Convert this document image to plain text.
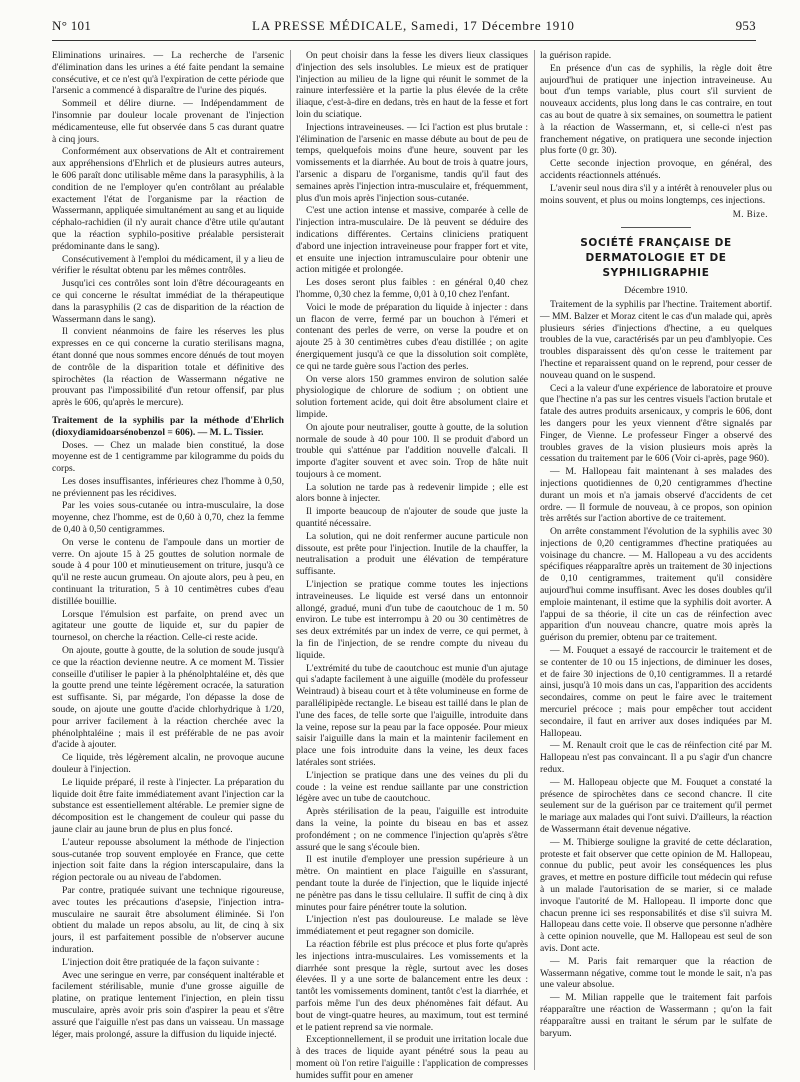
N° 101	LA PRESSE MÉDICALE, Samedi, 17 Décembre 1910	953

Eliminations urinaires. — La recherche de l'arsenic d'élimination dans les urines a été faite pendant la semaine consécutive, et ce n'est qu'à l'expiration de cette période que l'arsenic a commencé à disparaître de l'urine des piqués.

Sommeil et délire diurne. — Indépendamment de l'insomnie par douleur locale provenant de l'injection médicamenteuse, elle fut observée dans 5 cas durant quatre à cinq jours.

Conformément aux observations de Alt et contrairement aux appréhensions d'Ehrlich et de plusieurs autres auteurs, le 606 paraît donc utilisable même dans la parasyphilis, à la condition de ne l'employer qu'en contrôlant au préalable exactement l'état de l'organisme par la réaction de Wassermann, appliquée simultanément au sang et au liquide céphalo-rachidien (il n'y aurait chance d'être utile qu'autant que la réaction syphilo-positive préalable persisterait prédominante dans le sang).

Consécutivement à l'emploi du médicament, il y a lieu de vérifier le résultat obtenu par les mêmes contrôles.

Jusqu'ici ces contrôles sont loin d'être décourageants en ce qui concerne le résultat immédiat de la thérapeutique dans la parasyphilis (2 cas de disparition de la réaction de Wassermann dans le sang).

Il convient néanmoins de faire les réserves les plus expresses en ce qui concerne la curatio sterilisans magna, étant donné que nous sommes encore dénués de tout moyen de contrôle de la disparition totale et définitive des spirochètes (la réaction de Wassermann négative ne prouvant pas l'impossibilité d'un retour offensif, par plus après le 606, qu'après le mercure).

Traitement de la syphilis par la méthode d'Ehrlich (dioxydiamidoarsénobenzol = 606). — M. L. Tissier.

Doses. — Chez un malade bien constitué, la dose moyenne est de 1 centigramme par kilogramme du poids du corps.

Les doses insuffisantes, inférieures chez l'homme à 0,50, ne préviennent pas les récidives.

Par les voies sous-cutanée ou intra-musculaire, la dose moyenne, chez l'homme, est de 0,60 à 0,70, chez la femme de 0,40 à 0,50 centigrammes.

On verse le contenu de l'ampoule dans un mortier de verre. On ajoute 15 à 25 gouttes de solution normale de soude à 4 pour 100 et minutieusement on triture, jusqu'à ce qu'il ne reste aucun grumeau. On ajoute alors, peu à peu, en continuant la trituration, 5 à 10 centimètres cubes d'eau distillée bouillie.

Lorsque l'émulsion est parfaite, on prend avec un agitateur une goutte de liquide et, sur du papier de tournesol, on cherche la réaction. Celle-ci reste acide.

On ajoute, goutte à goutte, de la solution de soude jusqu'à ce que la réaction devienne neutre. A ce moment M. Tissier conseille d'utiliser le papier à la phénolphtaléine et, dès que la goutte prend une teinte légèrement ocracée, la saturation est suffisante. Si, par mégarde, l'on dépasse la dose de soude, on ajoute une goutte d'acide chlorhydrique à 1/20, pour arriver facilement à la réaction cherchée avec la phénolphtaléine ; mais il est préférable de ne pas avoir d'acide à ajouter.

Ce liquide, très légèrement alcalin, ne provoque aucune douleur à l'injection.

Le liquide préparé, il reste à l'injecter. La préparation du liquide doit être faite immédiatement avant l'injection car la substance est essentiellement altérable. Le premier signe de décomposition est le changement de couleur qui passe du jaune clair au jaune brun de plus en plus foncé.

L'auteur repousse absolument la méthode de l'injection sous-cutanée trop souvent employée en France, que cette injection soit faite dans la région interscapulaire, dans la région pectorale ou au niveau de l'abdomen.

Par contre, pratiquée suivant une technique rigoureuse, avec toutes les précautions d'asepsie, l'injection intra-musculaire ne saurait être absolument éliminée. Si l'on obtient du malade un repos absolu, au lit, de cinq à six jours, il est parfaitement possible de n'observer aucune induration.

L'injection doit être pratiquée de la façon suivante :

Avec une seringue en verre, par conséquent inaltérable et facilement stérilisable, munie d'une grosse aiguille de platine, on pratique lentement l'injection, en plein tissu musculaire, après avoir pris soin d'aspirer la peau et s'être assuré que l'aiguille n'est pas dans un vaisseau. Un massage léger, mais prolongé, assure la diffusion du liquide injecté.

On peut choisir dans la fesse les divers lieux classiques d'injection des sels insolubles. Le mieux est de pratiquer l'injection au milieu de la ligne qui réunit le sommet de la rainure interfessière et la partie la plus élevée de la crête iliaque, c'est-à-dire en dedans, très en haut de la fesse et fort loin du sciatique.

Injections intraveineuses. — Ici l'action est plus brutale : l'élimination de l'arsenic en masse débute au bout de peu de temps, quelquefois moins d'une heure, souvent par les vomissements et la diarrhée. Au bout de trois à quatre jours, l'arsenic a disparu de l'organisme, tandis qu'il faut des semaines après l'injection intra-musculaire et, fréquemment, plus d'un mois après l'injection sous-cutanée.

C'est une action intense et massive, comparée à celle de l'injection intra-musculaire. De là peuvent se déduire des indications différentes. Certains cliniciens pratiquent d'abord une injection intraveineuse pour frapper fort et vite, et ensuite une injection intramusculaire pour obtenir une action mitigée et prolongée.

Les doses seront plus faibles : en général 0,40 chez l'homme, 0,30 chez la femme, 0,01 à 0,10 chez l'enfant.

Voici le mode de préparation du liquide à injecter : dans un flacon de verre, fermé par un bouchon à l'émeri et contenant des perles de verre, on verse la poudre et on ajoute 25 à 30 centimètres cubes d'eau distillée ; on agite énergiquement jusqu'à ce que la dissolution soit complète, ce qui ne tarde guère sous l'action des perles.

On verse alors 150 grammes environ de solution salée physiologique de chlorure de sodium ; on obtient une solution fortement acide, qui doit être absolument claire et limpide.

On ajoute pour neutraliser, goutte à goutte, de la solution normale de soude à 40 pour 100. Il se produit d'abord un trouble qui s'atténue par l'addition nouvelle d'alcali. Il importe d'agiter souvent et avec soin. Trop de hâte nuit toujours à ce moment.

La solution ne tarde pas à redevenir limpide ; elle est alors bonne à injecter.

Il importe beaucoup de n'ajouter de soude que juste la quantité nécessaire.

La solution, qui ne doit renfermer aucune particule non dissoute, est prête pour l'injection. Inutile de la chauffer, la neutralisation a produit une élévation de température suffisante.

L'injection se pratique comme toutes les injections intraveineuses. Le liquide est versé dans un entonnoir allongé, gradué, muni d'un tube de caoutchouc de 1 m. 50 environ. Le tube est interrompu à 20 ou 30 centimètres de ses deux extrémités par un index de verre, ce qui permet, à la fin de l'injection, de se rendre compte du niveau du liquide.

L'extrémité du tube de caoutchouc est munie d'un ajutage qui s'adapte facilement à une aiguille (modèle du professeur Weintraud) à biseau court et à tête volumineuse en forme de parallélipipède rectangle. Le biseau est taillé dans le plan de l'une des faces, de telle sorte que l'aiguille, introduite dans la veine, repose sur la peau par la face opposée. Pour mieux saisir l'aiguille dans la main et la maintenir facilement en place une fois introduite dans la veine, les deux faces latérales sont striées.

L'injection se pratique dans une des veines du pli du coude : la veine est rendue saillante par une constriction légère avec un tube de caoutchouc.

Après stérilisation de la peau, l'aiguille est introduite dans la veine, la pointe du biseau en bas et assez profondément ; on ne commence l'injection qu'après s'être assuré que le sang s'écoule bien.

Il est inutile d'employer une pression supérieure à un mètre. On maintient en place l'aiguille en s'assurant, pendant toute la durée de l'injection, que le liquide injecté ne pénètre pas dans le tissu cellulaire. Il suffit de cinq à dix minutes pour faire pénétrer toute la solution.

L'injection n'est pas douloureuse. Le malade se lève immédiatement et peut regagner son domicile.

La réaction fébrile est plus précoce et plus forte qu'après les injections intra-musculaires. Les vomissements et la diarrhée sont presque la règle, surtout avec les doses élevées. Il y a une sorte de balancement entre les deux : tantôt les vomissements dominent, tantôt c'est la diarrhée, et parfois même l'un des deux phénomènes fait défaut. Au bout de vingt-quatre heures, au maximum, tout est terminé et le patient reprend sa vie normale.

Exceptionnellement, il se produit une irritation locale due à des traces de liquide ayant pénétré sous la peau au moment où l'on retire l'aiguille : l'application de compresses humides suffit pour en amener

la guérison rapide.

En présence d'un cas de syphilis, la règle doit être aujourd'hui de pratiquer une injection intraveineuse. Au bout d'un temps variable, plus court s'il survient de nouveaux accidents, plus long dans le cas contraire, en tout cas au bout de quatre à six semaines, on soumettra le patient à la réaction de Wassermann, et, si celle-ci n'est pas franchement négative, on pratiquera une seconde injection plus forte (0 gr. 30).

Cette seconde injection provoque, en général, des accidents réactionnels atténués.

L'avenir seul nous dira s'il y a intérêt à renouveler plus ou moins souvent, et plus ou moins longtemps, ces injections.

M. Bize.
SOCIÉTÉ FRANÇAISE DE DERMATOLOGIE ET DE SYPHILIGRAPHIE
Décembre 1910.

Traitement de la syphilis par l'hectine. Traitement abortif. — MM. Balzer et Moraz citent le cas d'un malade qui, après plusieurs séries d'injections d'hectine, a eu quelques troubles de la vue, caractérisés par un peu d'amblyopie. Ces troubles disparaissent dès qu'on cesse le traitement par l'hectine et reparaissent quand on le reprend, pour cesser de nouveau quand on le suspend.

Ceci a la valeur d'une expérience de laboratoire et prouve que l'hectine n'a pas sur les centres visuels l'action brutale et fatale des autres produits arsenicaux, y compris le 606, dont les dangers pour les yeux viennent d'être signalés par Finger, de Vienne. Le professeur Finger a observé des troubles graves de la vision plusieurs mois après la cessation du traitement par le 606 (Voir ci-après, page 960).

— M. Hallopeau fait maintenant à ses malades des injections quotidiennes de 0,20 centigrammes d'hectine durant un mois et n'a jamais observé d'accidents de cet ordre. — Il formule de nouveau, à ce propos, son opinion très arrêtés sur l'action abortive de ce traitement.

On arrête constamment l'évolution de la syphilis avec 30 injections de 0,20 centigrammes d'hectine pratiquées au voisinage du chancre. — M. Hallopeau a vu des accidents spécifiques réapparaître après un traitement de 30 injections de 0,10 centigrammes, traitement qu'il considère aujourd'hui comme insuffisant. Avec les doses doubles qu'il emploie maintenant, il estime que la syphilis doit avorter. A l'appui de sa théorie, il cite un cas de réinfection avec apparition d'un nouveau chancre, quatre mois après la guérison du premier, obtenu par ce traitement.

— M. Fouquet a essayé de raccourcir le traitement et de se contenter de 10 ou 15 injections, de diminuer les doses, et de faire 30 injections de 0,10 centigrammes. Il a retardé ainsi, jusqu'à 10 mois dans un cas, l'apparition des accidents secondaires, comme on peut le faire avec le traitement mercuriel précoce ; mais pour empêcher tout accident secondaire, il faut en arriver aux doses indiquées par M. Hallopeau.

— M. Renault croit que le cas de réinfection cité par M. Hallopeau n'est pas convaincant. Il a pu s'agir d'un chancre redux.

— M. Hallopeau objecte que M. Fouquet a constaté la présence de spirochètes dans ce second chancre. Il cite seulement sur de la guérison par ce traitement qu'il permet le mariage aux malades qui l'ont suivi. D'ailleurs, la réaction de Wassermann était devenue négative.

— M. Thibierge souligne la gravité de cette déclaration, proteste et fait observer que cette opinion de M. Hallopeau, connue du public, peut avoir les conséquences les plus graves, et mettre en posture difficile tout médecin qui refuse à un malade l'autorisation de se marier, si ce malade invoque l'autorité de M. Hallopeau. Il importe donc que chacun prenne ici ses responsabilités et dise s'il suivra M. Hallopeau dans cette voie. Il observe que personne n'adhère à cette opinion nouvelle, que M. Hallopeau est seul de son avis. Dont acte.

— M. Paris fait remarquer que la réaction de Wassermann négative, comme tout le monde le sait, n'a pas une valeur absolue.

— M. Milian rappelle que le traitement fait parfois réapparaître une réaction de Wassermann ; qu'on la fait réapparaître aussi en traitant le sérum par le sulfate de baryum.
